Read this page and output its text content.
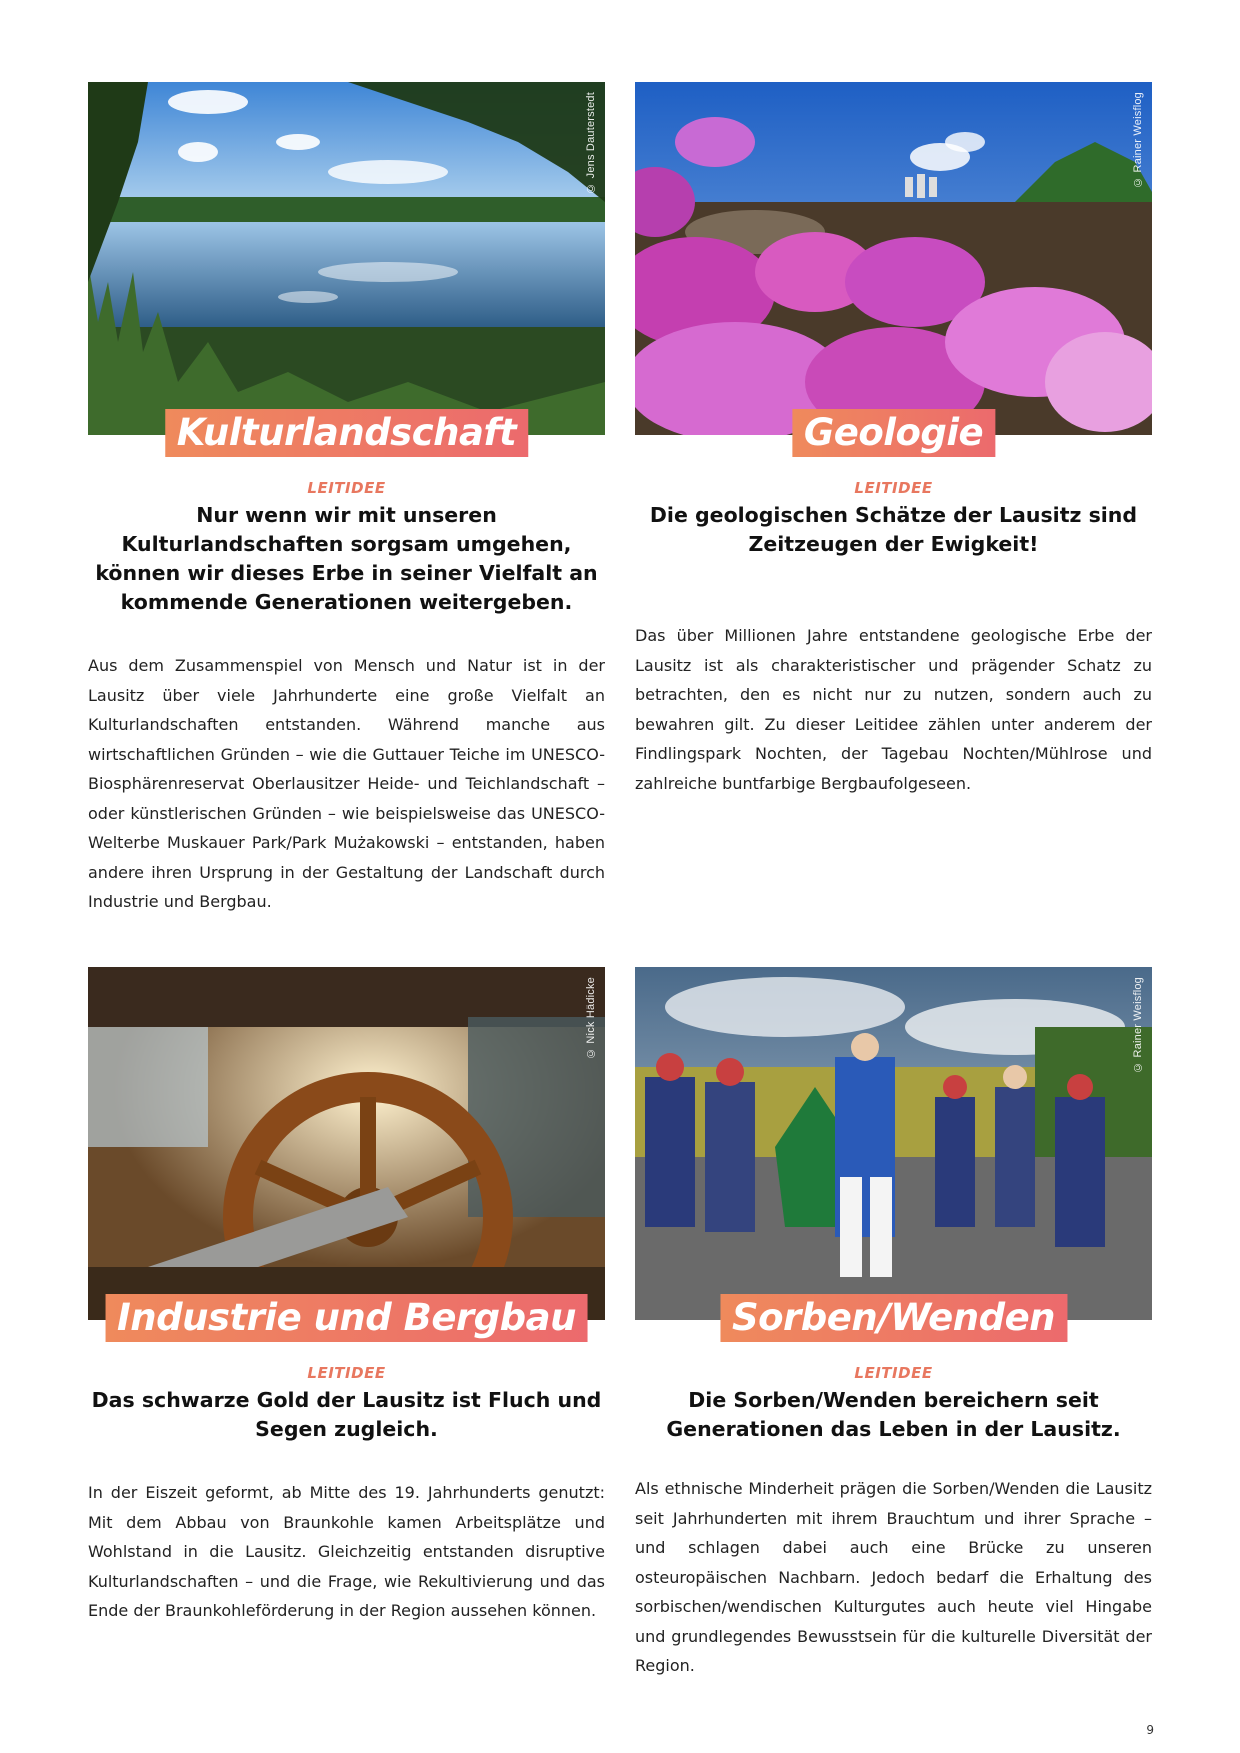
© Jens Dauterstedt
Kulturlandschaft
LEITIDEE
Nur wenn wir mit unseren Kulturlandschaften sorgsam umgehen, können wir dieses Erbe in seiner Vielfalt an kommende Generationen weitergeben.
Aus dem Zusammenspiel von Mensch und Natur ist in der Lausitz über viele Jahrhunderte eine große Vielfalt an Kulturlandschaften entstanden. Während manche aus wirtschaftlichen Gründen – wie die Guttauer Teiche im UNESCO-Biosphärenreservat Oberlausitzer Heide- und Teichlandschaft – oder künstlerischen Gründen – wie beispielsweise das UNESCO-Welterbe Muskauer Park/Park Mużakowski – entstanden, haben andere ihren Ursprung in der Gestaltung der Landschaft durch Industrie und Bergbau.
© Rainer Weisflog
Geologie
LEITIDEE
Die geologischen Schätze der Lausitz sind Zeitzeugen der Ewigkeit!
Das über Millionen Jahre entstandene geologische Erbe der Lausitz ist als charakteristischer und prägender Schatz zu betrachten, den es nicht nur zu nutzen, sondern auch zu bewahren gilt. Zu dieser Leitidee zählen unter anderem der Findlingspark Nochten, der Tagebau Nochten/Mühlrose und zahlreiche buntfarbige Bergbaufolgeseen.
© Nick Hädicke
Industrie und Bergbau
LEITIDEE
Das schwarze Gold der Lausitz ist Fluch und Segen zugleich.
In der Eiszeit geformt, ab Mitte des 19. Jahrhunderts genutzt: Mit dem Abbau von Braunkohle kamen Arbeitsplätze und Wohlstand in die Lausitz. Gleichzeitig entstanden disruptive Kulturlandschaften – und die Frage, wie Rekultivierung und das Ende der Braunkohleförderung in der Region aussehen können.
© Rainer Weisflog
Sorben/Wenden
LEITIDEE
Die Sorben/Wenden bereichern seit Generationen das Leben in der Lausitz.
Als ethnische Minderheit prägen die Sorben/Wenden die Lausitz seit Jahrhunderten mit ihrem Brauchtum und ihrer Sprache – und schlagen dabei auch eine Brücke zu unseren osteuropäischen Nachbarn. Jedoch bedarf die Erhaltung des sorbischen/wendischen Kulturgutes auch heute viel Hingabe und grundlegendes Bewusstsein für die kulturelle Diversität der Region.
9
